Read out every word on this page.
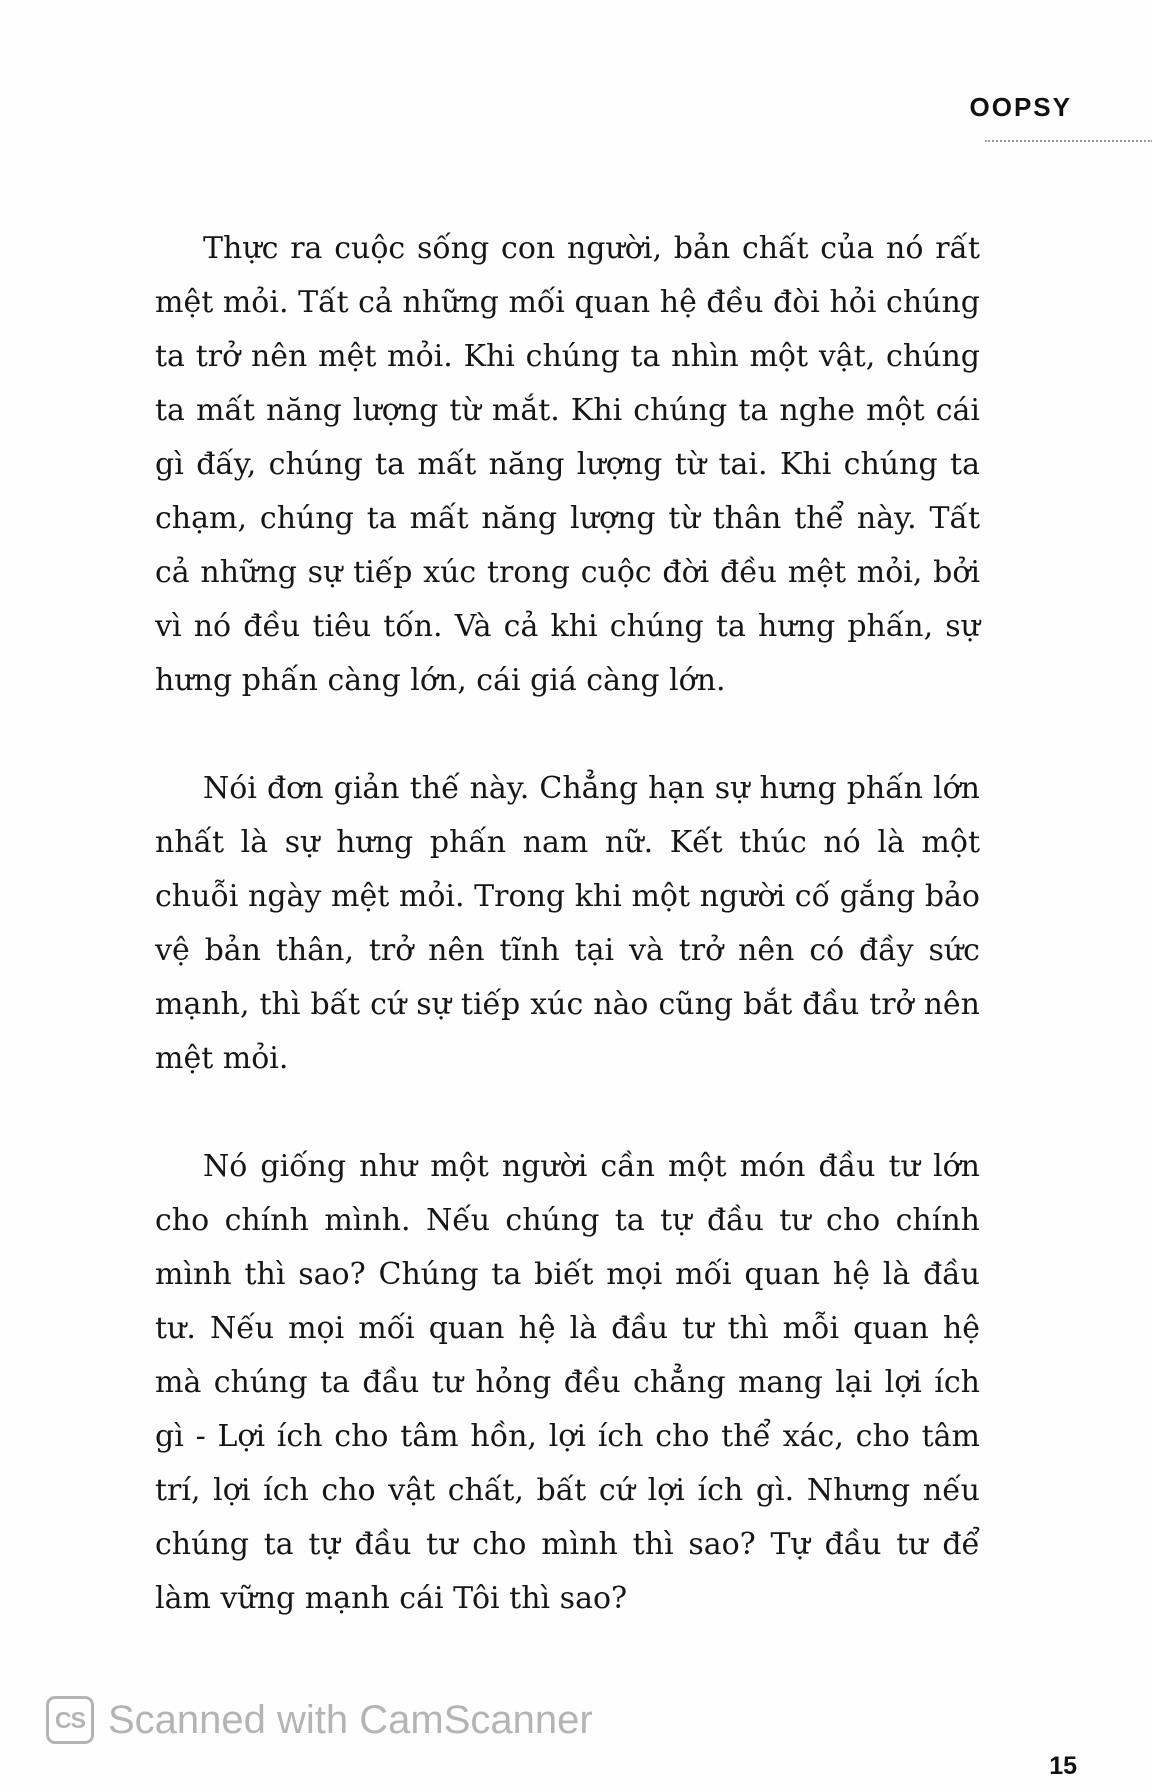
OOPSY

Thực ra cuộc sống con người, bản chất của nó rất mệt mỏi. Tất cả những mối quan hệ đều đòi hỏi chúng ta trở nên mệt mỏi. Khi chúng ta nhìn một vật, chúng ta mất năng lượng từ mắt. Khi chúng ta nghe một cái gì đấy, chúng ta mất năng lượng từ tai. Khi chúng ta chạm, chúng ta mất năng lượng từ thân thể này. Tất cả những sự tiếp xúc trong cuộc đời đều mệt mỏi, bởi vì nó đều tiêu tốn. Và cả khi chúng ta hưng phấn, sự hưng phấn càng lớn, cái giá càng lớn.

Nói đơn giản thế này. Chẳng hạn sự hưng phấn lớn nhất là sự hưng phấn nam nữ. Kết thúc nó là một chuỗi ngày mệt mỏi. Trong khi một người cố gắng bảo vệ bản thân, trở nên tĩnh tại và trở nên có đầy sức mạnh, thì bất cứ sự tiếp xúc nào cũng bắt đầu trở nên mệt mỏi.

Nó giống như một người cần một món đầu tư lớn cho chính mình. Nếu chúng ta tự đầu tư cho chính mình thì sao? Chúng ta biết mọi mối quan hệ là đầu tư. Nếu mọi mối quan hệ là đầu tư thì mỗi quan hệ mà chúng ta đầu tư hỏng đều chẳng mang lại lợi ích gì - Lợi ích cho tâm hồn, lợi ích cho thể xác, cho tâm trí, lợi ích cho vật chất, bất cứ lợi ích gì. Nhưng nếu chúng ta tự đầu tư cho mình thì sao? Tự đầu tư để làm vững mạnh cái Tôi thì sao?

CS Scanned with CamScanner
15
